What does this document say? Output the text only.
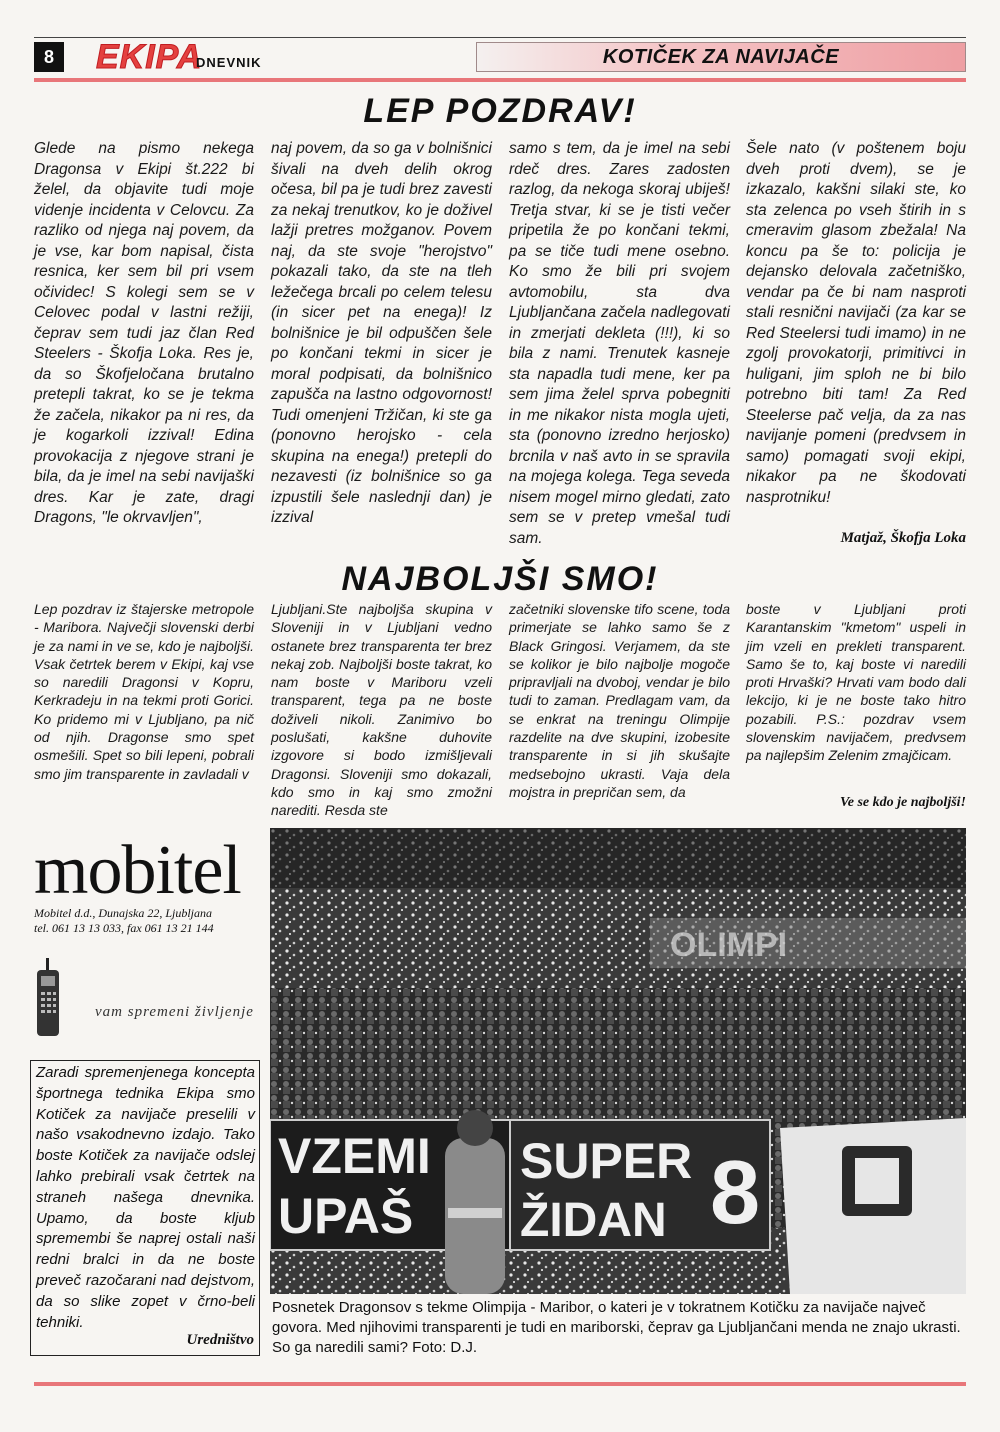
8 EKIPA
DNEVNIK	KOTIČEK ZA NAVIJAČE
LEP POZDRAV!
Glede na pismo nekega Dragonsa v Ekipi št.222 bi želel, da objavite tudi moje videnje incidenta v Celovcu. Za razliko od njega naj povem, da je vse, kar bom napisal, čista resnica, ker sem bil pri vsem očividec! S kolegi sem se v Celovec podal v lastni režiji, čeprav sem tudi jaz član Red Steelers - Škofja Loka. Res je, da so Škofjeločana brutalno pretepli takrat, ko se je tekma že začela, nikakor pa ni res, da je kogarkoli izzival! Edina provokacija z njegove strani je bila, da je imel na sebi navijaški dres. Kar je zate, dragi Dragons, "le okrvavljen",
naj povem, da so ga v bolnišnici šivali na dveh delih okrog očesa, bil pa je tudi brez zavesti za nekaj trenutkov, ko je doživel lažji pretres možganov. Povem naj, da ste svoje "herojstvo" pokazali tako, da ste na tleh ležečega brcali po celem telesu (in sicer pet na enega)! Iz bolnišnice je bil odpuščen šele po končani tekmi in sicer je moral podpisati, da bolnišnico zapušča na lastno odgovornost! Tudi omenjeni Tržičan, ki ste ga (ponovno herojsko - cela skupina na enega!) pretepli do nezavesti (iz bolnišnice so ga izpustili šele naslednji dan) je izzival
samo s tem, da je imel na sebi rdeč dres. Zares zadosten razlog, da nekoga skoraj ubiješ! Tretja stvar, ki se je tisti večer pripetila že po končani tekmi, pa se tiče tudi mene osebno. Ko smo že bili pri svojem avtomobilu, sta dva Ljubljančana začela nadlegovati in zmerjati dekleta (!!!), ki so bila z nami. Trenutek kasneje sta napadla tudi mene, ker pa sem jima želel sprva pobegniti in me nikakor nista mogla ujeti, sta (ponovno izredno herjosko) brcnila v naš avto in se spravila na mojega kolega. Tega seveda nisem mogel mirno gledati, zato sem se v pretep vmešal tudi sam.
Šele nato (v poštenem boju dveh proti dvem), se je izkazalo, kakšni silaki ste, ko sta zelenca po vseh štirih in s cmeravim glasom zbežala! Na koncu pa še to: policija je dejansko delovala začetniško, vendar pa če bi nam nasproti stali resnični navijači (za kar se Red Steelersi tudi imamo) in ne zgolj provokatorji, primitivci in huligani, jim sploh ne bi bilo potrebno biti tam! Za Red Steelerse pač velja, da za nas navijanje pomeni (predvsem in samo) pomagati svoji ekipi, nikakor pa ne škodovati nasprotniku!
Matjaž, Škofja Loka
NAJBOLJŠI SMO!
Lep pozdrav iz štajerske metropole - Maribora. Največji slovenski derbi je za nami in ve se, kdo je najboljši. Vsak četrtek berem v Ekipi, kaj vse so naredili Dragonsi v Kopru, Kerkradeju in na tekmi proti Gorici. Ko pridemo mi v Ljubljano, pa nič od njih. Dragonse smo spet osmešili. Spet so bili lepeni, pobrali smo jim transparente in zavladali v
Ljubljani.Ste najboljša skupina v Sloveniji in v Ljubljani vedno ostanete brez transparenta ter brez nekaj zob. Najboljši boste takrat, ko nam boste v Mariboru vzeli transparent, tega pa ne boste doživeli nikoli. Zanimivo bo poslušati, kakšne duhovite izgovore si bodo izmišljevali Dragonsi. Sloveniji smo dokazali, kdo smo in kaj smo zmožni narediti. Resda ste
začetniki slovenske tifo scene, toda primerjate se lahko samo še z Black Gringosi. Verjamem, da ste se kolikor je bilo najbolje mogoče pripravljali na dvoboj, vendar je bilo tudi to zaman. Predlagam vam, da se enkrat na treningu Olimpije razdelite na dve skupini, izobesite transparente in si jih skušajte medsebojno ukrasti. Vaja dela mojstra in prepričan sem, da
boste v Ljubljani proti Karantanskim "kmetom" uspeli in jim vzeli en prekleti transparent. Samo še to, kaj boste vi naredili proti Hrvaški? Hrvati vam bodo dali lekcijo, ki je ne boste tako hitro pozabili. P.S.: pozdrav vsem slovenskim navijačem, predvsem pa najlepšim Zelenim zmajčicam.
Ve se kdo je najboljši!
mobitel
Mobitel d.d., Dunajska 22, Ljubljana
tel. 061 13 13 033, fax 061 13 21 144
vam spremeni življenje
Zaradi spremenjenega koncepta športnega tednika Ekipa smo Kotiček za navijače preselili v našo vsakodnevno izdajo. Tako boste Kotiček za navijače odslej lahko prebirali vsak četrtek na straneh našega dnevnika. Upamo, da boste kljub spremembi še naprej ostali naši redni bralci in da ne boste preveč razočarani nad dejstvom, da so slike zopet v črno-beli tehniki.
Uredništvo
OLIMPI
VZEMI
UPAŠ
SUPER
ŽIDAN 8
Posnetek Dragonsov s tekme Olimpija - Maribor, o kateri je v tokratnem Kotičku za navijače največ govora. Med njihovimi transparenti je tudi en mariborski, čeprav ga Ljubljančani menda ne znajo ukrasti. So ga naredili sami? Foto: D.J.
